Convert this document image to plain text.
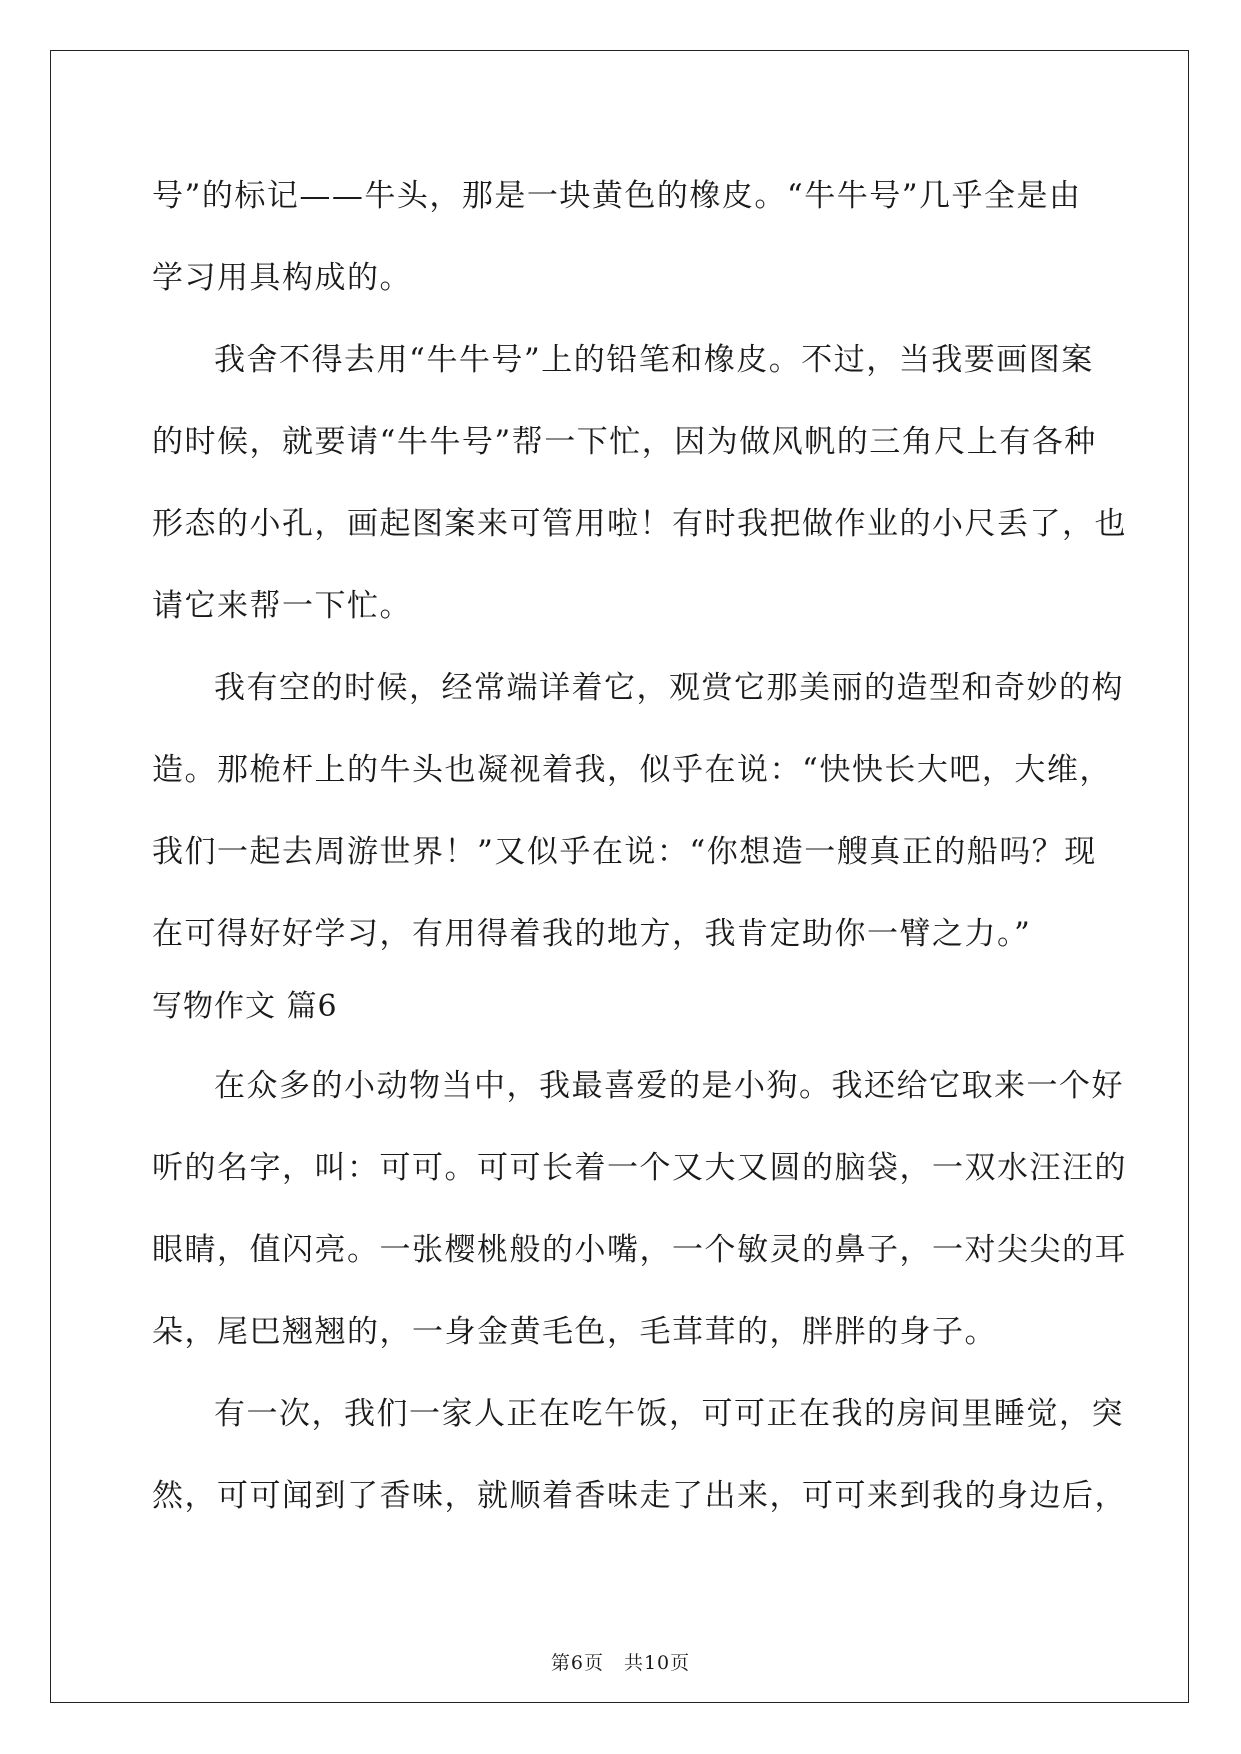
号”的标记——牛头，那是一块黄色的橡皮。“牛牛号”几乎全是由
学习用具构成的。
我舍不得去用“牛牛号”上的铅笔和橡皮。不过，当我要画图案
的时候，就要请“牛牛号”帮一下忙，因为做风帆的三角尺上有各种
形态的小孔，画起图案来可管用啦！有时我把做作业的小尺丢了，也
请它来帮一下忙。
我有空的时候，经常端详着它，观赏它那美丽的造型和奇妙的构
造。那桅杆上的牛头也凝视着我，似乎在说：“快快长大吧，大维，
我们一起去周游世界！”又似乎在说：“你想造一艘真正的船吗？现
在可得好好学习，有用得着我的地方，我肯定助你一臂之力。”
写物作文 篇6
在众多的小动物当中，我最喜爱的是小狗。我还给它取来一个好
听的名字，叫：可可。可可长着一个又大又圆的脑袋，一双水汪汪的
眼睛，值闪亮。一张樱桃般的小嘴，一个敏灵的鼻子，一对尖尖的耳
朵，尾巴翘翘的，一身金黄毛色，毛茸茸的，胖胖的身子。
有一次，我们一家人正在吃午饭，可可正在我的房间里睡觉，突
然，可可闻到了香味，就顺着香味走了出来，可可来到我的身边后，
第6页　共10页
